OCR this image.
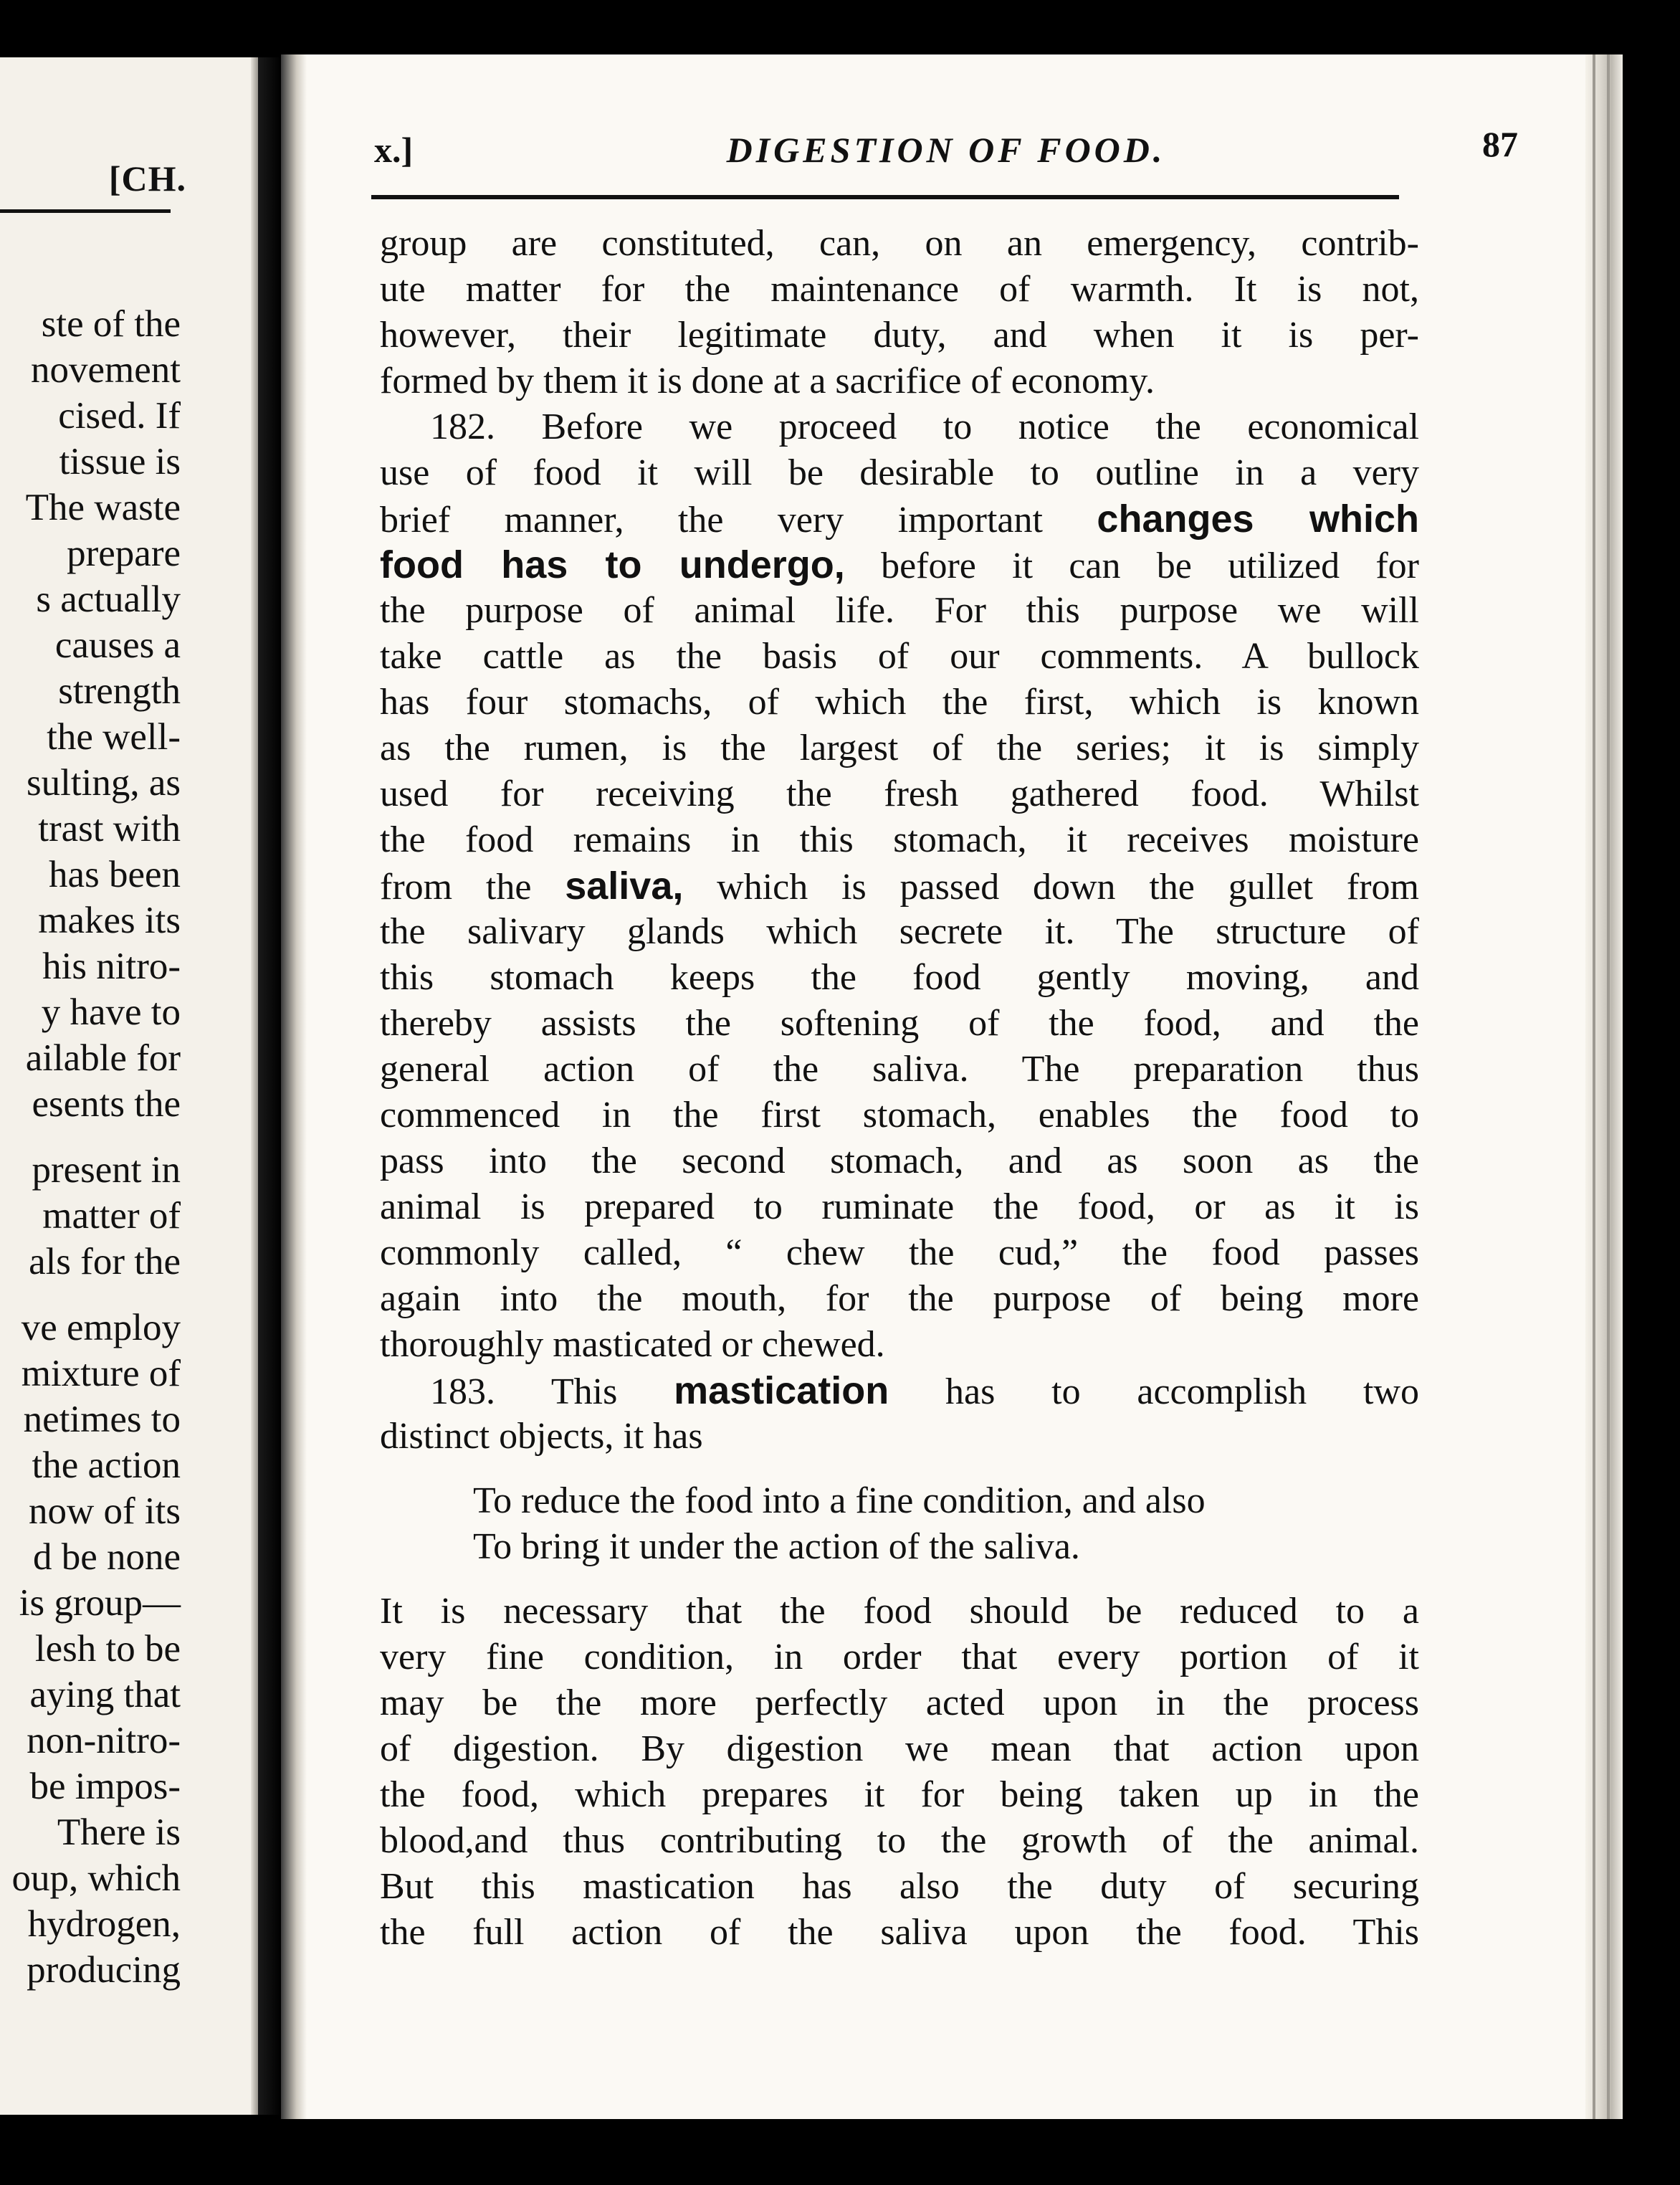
[CH.
ste of the
novement
cised. If
tissue is
The waste
prepare
s actually
causes a
strength
the well-
sulting, as
trast with
has been
makes its
his nitro-
y have to
ailable for
esents the
present in
matter of
als for the
ve employ
mixture of
netimes to
the action
now of its
d be none
is group—
lesh to be
aying that
non-nitro-
be impos-
There is
oup, which
hydrogen,
producing
x.]	DIGESTION OF FOOD.	87
group are constituted, can, on an emergency, contrib-
ute matter for the maintenance of warmth. It is not,
however, their legitimate duty, and when it is per-
formed by them it is done at a sacrifice of economy.
182. Before we proceed to notice the economical
use of food it will be desirable to outline in a very
brief manner, the very important changes which
food has to undergo, before it can be utilized for
the purpose of animal life. For this purpose we will
take cattle as the basis of our comments. A bullock
has four stomachs, of which the first, which is known
as the rumen, is the largest of the series; it is simply
used for receiving the fresh gathered food. Whilst
the food remains in this stomach, it receives moisture
from the saliva, which is passed down the gullet from
the salivary glands which secrete it. The structure of
this stomach keeps the food gently moving, and
thereby assists the softening of the food, and the
general action of the saliva. The preparation thus
commenced in the first stomach, enables the food to
pass into the second stomach, and as soon as the
animal is prepared to ruminate the food, or as it is
commonly called, “ chew the cud,” the food passes
again into the mouth, for the purpose of being more
thoroughly masticated or chewed.
183. This mastication has to accomplish two
distinct objects, it has
To reduce the food into a fine condition, and also
To bring it under the action of the saliva.
It is necessary that the food should be reduced to a
very fine condition, in order that every portion of it
may be the more perfectly acted upon in the process
of digestion. By digestion we mean that action upon
the food, which prepares it for being taken up in the
blood,and thus contributing to the growth of the animal.
But this mastication has also the duty of securing
the full action of the saliva upon the food. This
